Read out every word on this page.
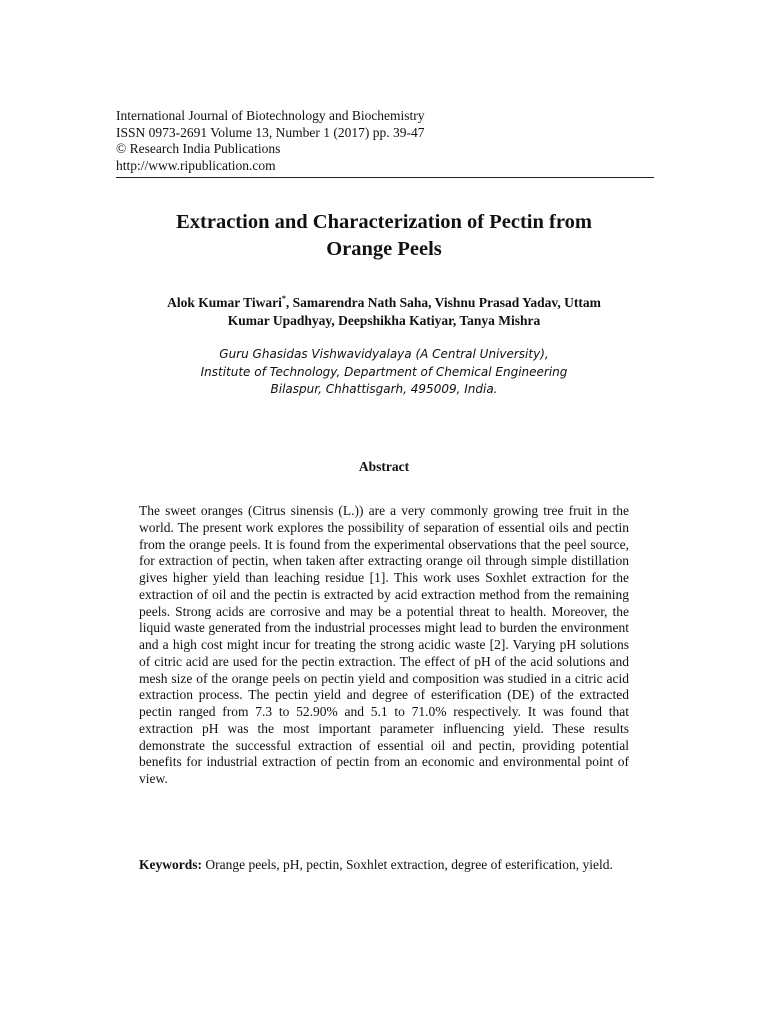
International Journal of Biotechnology and Biochemistry
ISSN 0973-2691 Volume 13, Number 1 (2017) pp. 39-47
© Research India Publications
http://www.ripublication.com
Extraction and Characterization of Pectin from
Orange Peels
Alok Kumar Tiwari*, Samarendra Nath Saha, Vishnu Prasad Yadav, Uttam
Kumar Upadhyay, Deepshikha Katiyar, Tanya Mishra
Guru Ghasidas Vishwavidyalaya (A Central University),
Institute of Technology, Department of Chemical Engineering
Bilaspur, Chhattisgarh, 495009, India.
Abstract
The sweet oranges (Citrus sinensis (L.)) are a very commonly growing tree fruit in the world. The present work explores the possibility of separation of essential oils and pectin from the orange peels. It is found from the experimental observations that the peel source, for extraction of pectin, when taken after extracting orange oil through simple distillation gives higher yield than leaching residue [1]. This work uses Soxhlet extraction for the extraction of oil and the pectin is extracted by acid extraction method from the remaining peels. Strong acids are corrosive and may be a potential threat to health. Moreover, the liquid waste generated from the industrial processes might lead to burden the environment and a high cost might incur for treating the strong acidic waste [2]. Varying pH solutions of citric acid are used for the pectin extraction. The effect of pH of the acid solutions and mesh size of the orange peels on pectin yield and composition was studied in a citric acid extraction process. The pectin yield and degree of esterification (DE) of the extracted pectin ranged from 7.3 to 52.90% and 5.1 to 71.0% respectively. It was found that extraction pH was the most important parameter influencing yield. These results demonstrate the successful extraction of essential oil and pectin, providing potential benefits for industrial extraction of pectin from an economic and environmental point of view.
Keywords: Orange peels, pH, pectin, Soxhlet extraction, degree of esterification, yield.
